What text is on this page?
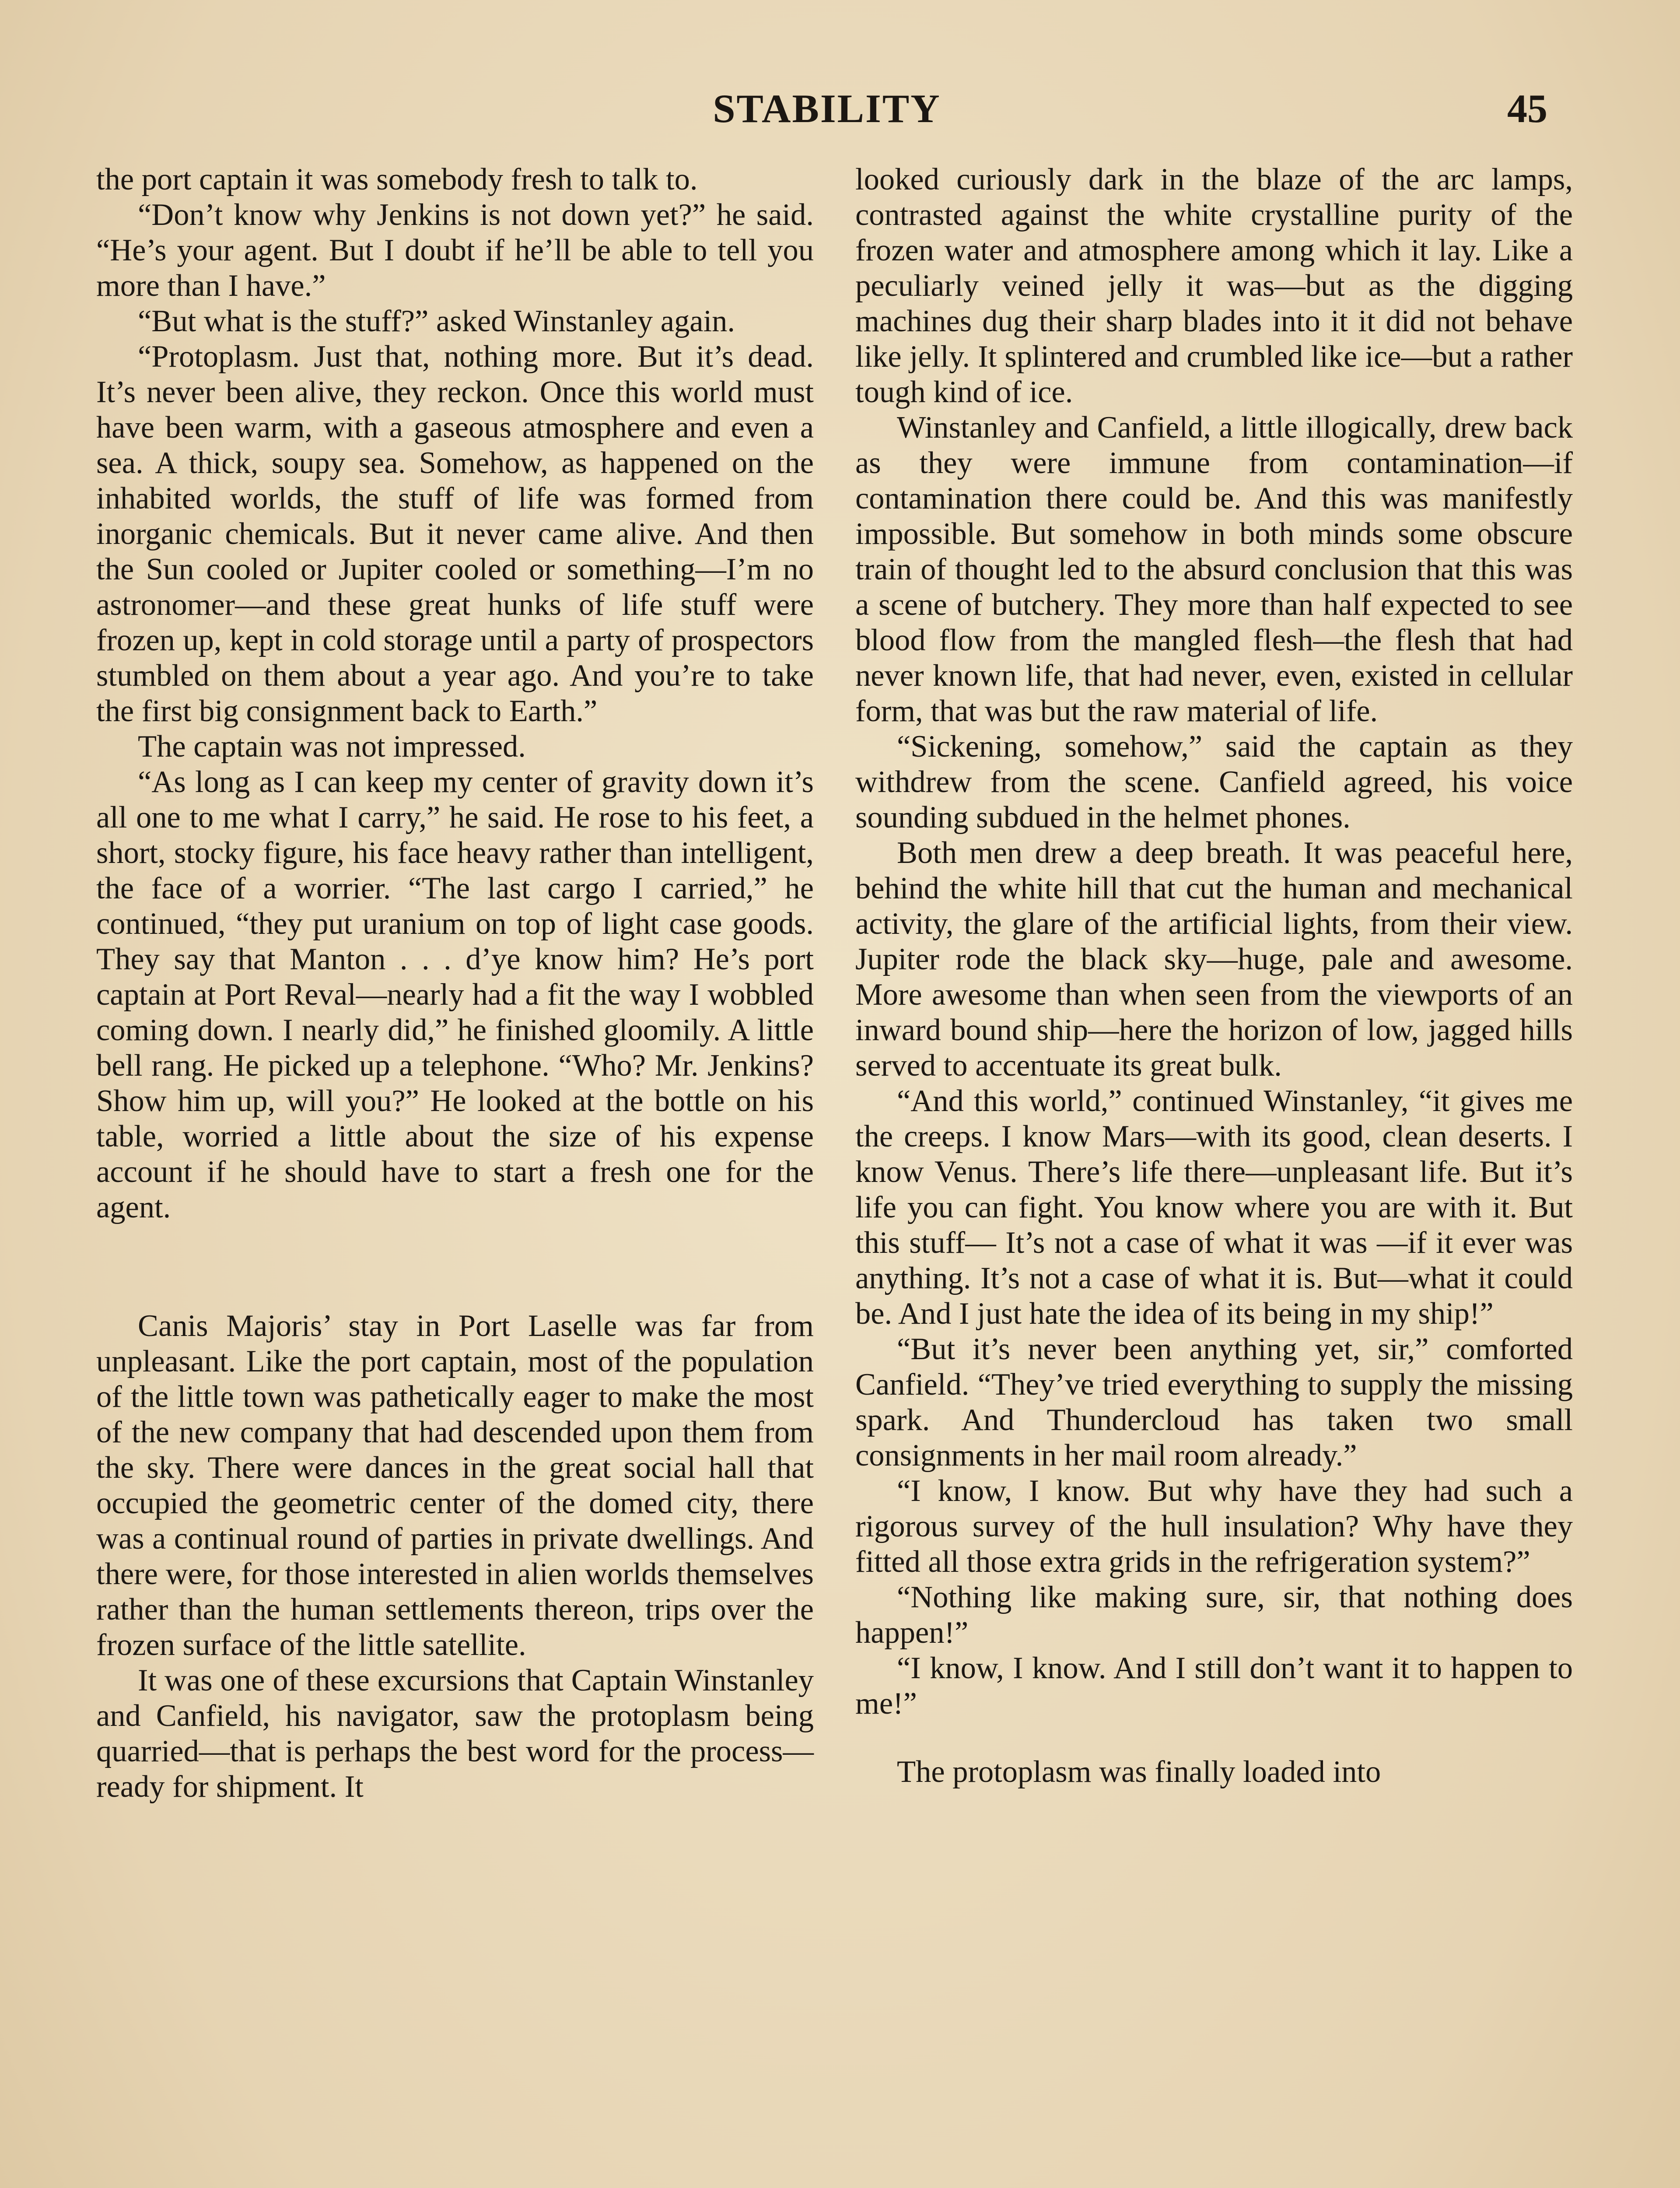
STABILITY	45

the port captain it was somebody fresh to talk to.

“Don’t know why Jenkins is not down yet?” he said. “He’s your agent. But I doubt if he’ll be able to tell you more than I have.”

“But what is the stuff?” asked Winstanley again.

“Protoplasm. Just that, nothing more. But it’s dead. It’s never been alive, they reckon. Once this world must have been warm, with a gaseous atmosphere and even a sea. A thick, soupy sea. Somehow, as happened on the inhabited worlds, the stuff of life was formed from inorganic chemicals. But it never came alive. And then the Sun cooled or Jupiter cooled or something—I’m no astronomer—and these great hunks of life stuff were frozen up, kept in cold storage until a party of prospectors stumbled on them about a year ago. And you’re to take the first big consignment back to Earth.”

The captain was not impressed.

“As long as I can keep my center of gravity down it’s all one to me what I carry,” he said. He rose to his feet, a short, stocky figure, his face heavy rather than intelligent, the face of a worrier. “The last cargo I carried,” he continued, “they put uranium on top of light case goods. They say that Manton . . . d’ye know him? He’s port captain at Port Reval—nearly had a fit the way I wobbled coming down. I nearly did,” he finished gloomily. A little bell rang. He picked up a telephone. “Who? Mr. Jenkins? Show him up, will you?” He looked at the bottle on his table, worried a little about the size of his expense account if he should have to start a fresh one for the agent.

Canis Majoris’ stay in Port Laselle was far from unpleasant. Like the port captain, most of the population of the little town was pathetically eager to make the most of the new company that had descended upon them from the sky. There were dances in the great social hall that occupied the geometric center of the domed city, there was a continual round of parties in private dwellings. And there were, for those interested in alien worlds themselves rather than the human settlements thereon, trips over the frozen surface of the little satellite.

It was one of these excursions that Captain Winstanley and Canfield, his navigator, saw the protoplasm being quarried—that is perhaps the best word for the process—ready for shipment. It

looked curiously dark in the blaze of the arc lamps, contrasted against the white crystalline purity of the frozen water and atmosphere among which it lay. Like a peculiarly veined jelly it was—but as the digging machines dug their sharp blades into it it did not behave like jelly. It splintered and crumbled like ice—but a rather tough kind of ice.

Winstanley and Canfield, a little illogically, drew back as they were immune from contamination—if contamination there could be. And this was manifestly impossible. But somehow in both minds some obscure train of thought led to the absurd conclusion that this was a scene of butchery. They more than half expected to see blood flow from the mangled flesh—the flesh that had never known life, that had never, even, existed in cellular form, that was but the raw material of life.

“Sickening, somehow,” said the captain as they withdrew from the scene. Canfield agreed, his voice sounding subdued in the helmet phones.

Both men drew a deep breath. It was peaceful here, behind the white hill that cut the human and mechanical activity, the glare of the artificial lights, from their view. Jupiter rode the black sky—huge, pale and awesome. More awesome than when seen from the viewports of an inward bound ship—here the horizon of low, jagged hills served to accentuate its great bulk.

“And this world,” continued Winstanley, “it gives me the creeps. I know Mars—with its good, clean deserts. I know Venus. There’s life there—unpleasant life. But it’s life you can fight. You know where you are with it. But this stuff— It’s not a case of what it was —if it ever was anything. It’s not a case of what it is. But—what it could be. And I just hate the idea of its being in my ship!”

“But it’s never been anything yet, sir,” comforted Canfield. “They’ve tried everything to supply the missing spark. And Thundercloud has taken two small consignments in her mail room already.”

“I know, I know. But why have they had such a rigorous survey of the hull insulation? Why have they fitted all those extra grids in the refrigeration system?”

“Nothing like making sure, sir, that nothing does happen!”

“I know, I know. And I still don’t want it to happen to me!”

The protoplasm was finally loaded into
